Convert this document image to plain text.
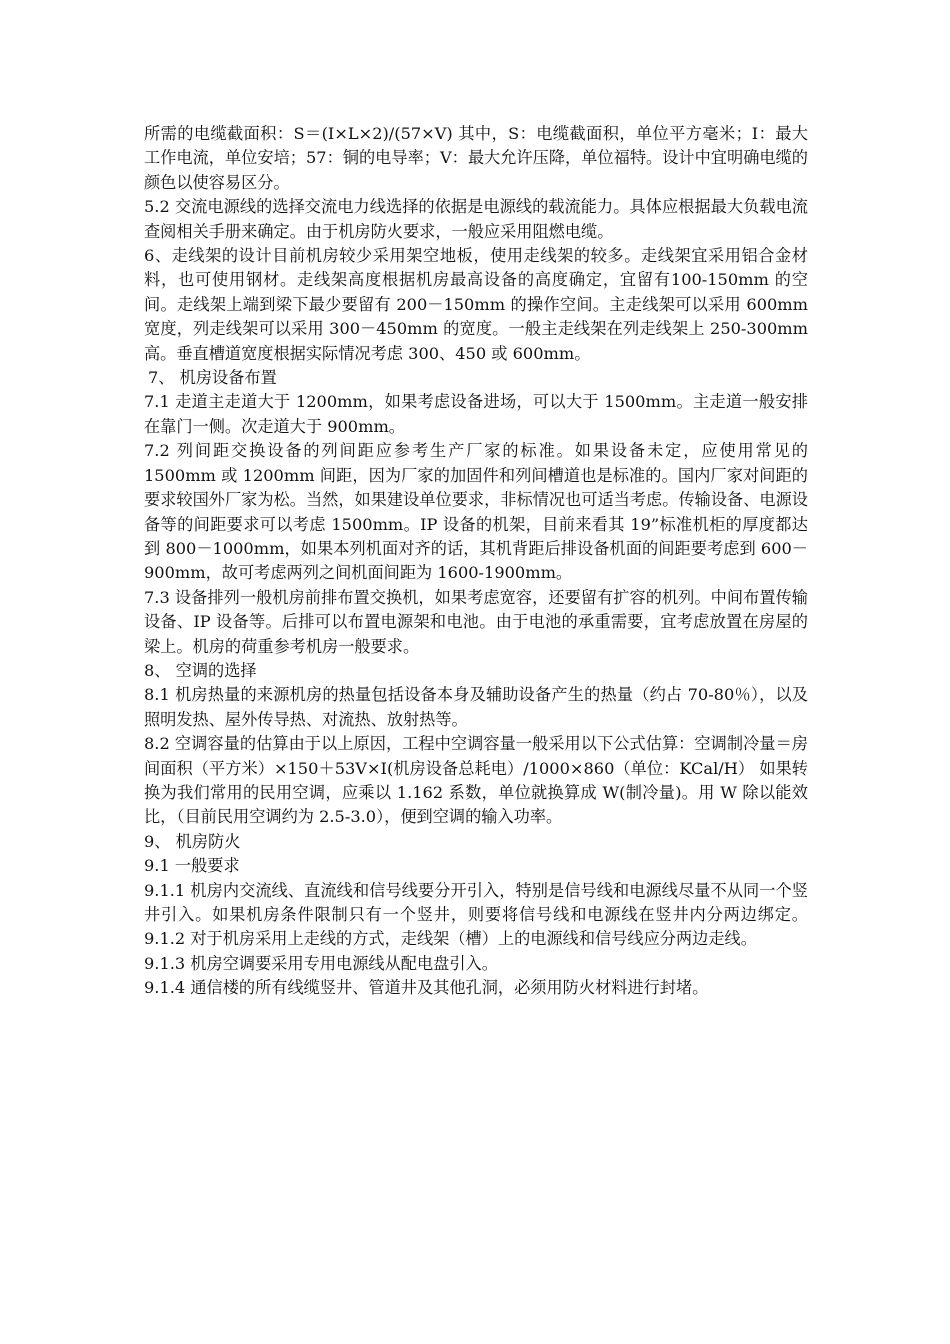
所需的电缆截面积：S＝(I×L×2)/(57×V) 其中，S：电缆截面积，单位平方毫米；I：最大工作电流，单位安培；57：铜的电导率；V：最大允许压降，单位福特。设计中宜明确电缆的颜色以使容易区分。

5.2 交流电源线的选择交流电力线选择的依据是电源线的载流能力。具体应根据最大负载电流查阅相关手册来确定。由于机房防火要求，一般应采用阻燃电缆。

6、走线架的设计目前机房较少采用架空地板，使用走线架的较多。走线架宜采用铝合金材料，也可使用钢材。走线架高度根据机房最高设备的高度确定，宜留有100-150mm 的空间。走线架上端到梁下最少要留有 200－150mm 的操作空间。主走线架可以采用 600mm 宽度，列走线架可以采用 300－450mm 的宽度。一般主走线架在列走线架上 250-300mm 高。垂直槽道宽度根据实际情况考虑 300、450 或 600mm。

7、 机房设备布置

7.1 走道主走道大于 1200mm，如果考虑设备进场，可以大于 1500mm。主走道一般安排在靠门一侧。次走道大于 900mm。

7.2 列间距交换设备的列间距应参考生产厂家的标准。如果设备未定，应使用常见的 1500mm 或 1200mm 间距，因为厂家的加固件和列间槽道也是标准的。国内厂家对间距的要求较国外厂家为松。当然，如果建设单位要求，非标情况也可适当考虑。传输设备、电源设备等的间距要求可以考虑 1500mm。IP 设备的机架，目前来看其 19”标准机柜的厚度都达到 800－1000mm，如果本列机面对齐的话，其机背距后排设备机面的间距要考虑到 600－900mm，故可考虑两列之间机面间距为 1600-1900mm。

7.3 设备排列一般机房前排布置交换机，如果考虑宽容，还要留有扩容的机列。中间布置传输设备、IP 设备等。后排可以布置电源架和电池。由于电池的承重需要，宜考虑放置在房屋的梁上。机房的荷重参考机房一般要求。

8、 空调的选择

8.1 机房热量的来源机房的热量包括设备本身及辅助设备产生的热量（约占 70-80％），以及照明发热、屋外传导热、对流热、放射热等。

8.2 空调容量的估算由于以上原因，工程中空调容量一般采用以下公式估算：空调制冷量＝房间面积（平方米）×150＋53V×I(机房设备总耗电）/1000×860（单位：KCal/H） 如果转换为我们常用的民用空调，应乘以 1.162 系数，单位就换算成 W(制冷量)。用 W 除以能效比，（目前民用空调约为 2.5-3.0），便到空调的输入功率。

9、 机房防火

9.1 一般要求

9.1.1 机房内交流线、直流线和信号线要分开引入，特别是信号线和电源线尽量不从同一个竖井引入。如果机房条件限制只有一个竖井，则要将信号线和电源线在竖井内分两边绑定。9.1.2 对于机房采用上走线的方式，走线架（槽）上的电源线和信号线应分两边走线。

9.1.3 机房空调要采用专用电源线从配电盘引入。

9.1.4 通信楼的所有线缆竖井、管道井及其他孔洞，必须用防火材料进行封堵。
